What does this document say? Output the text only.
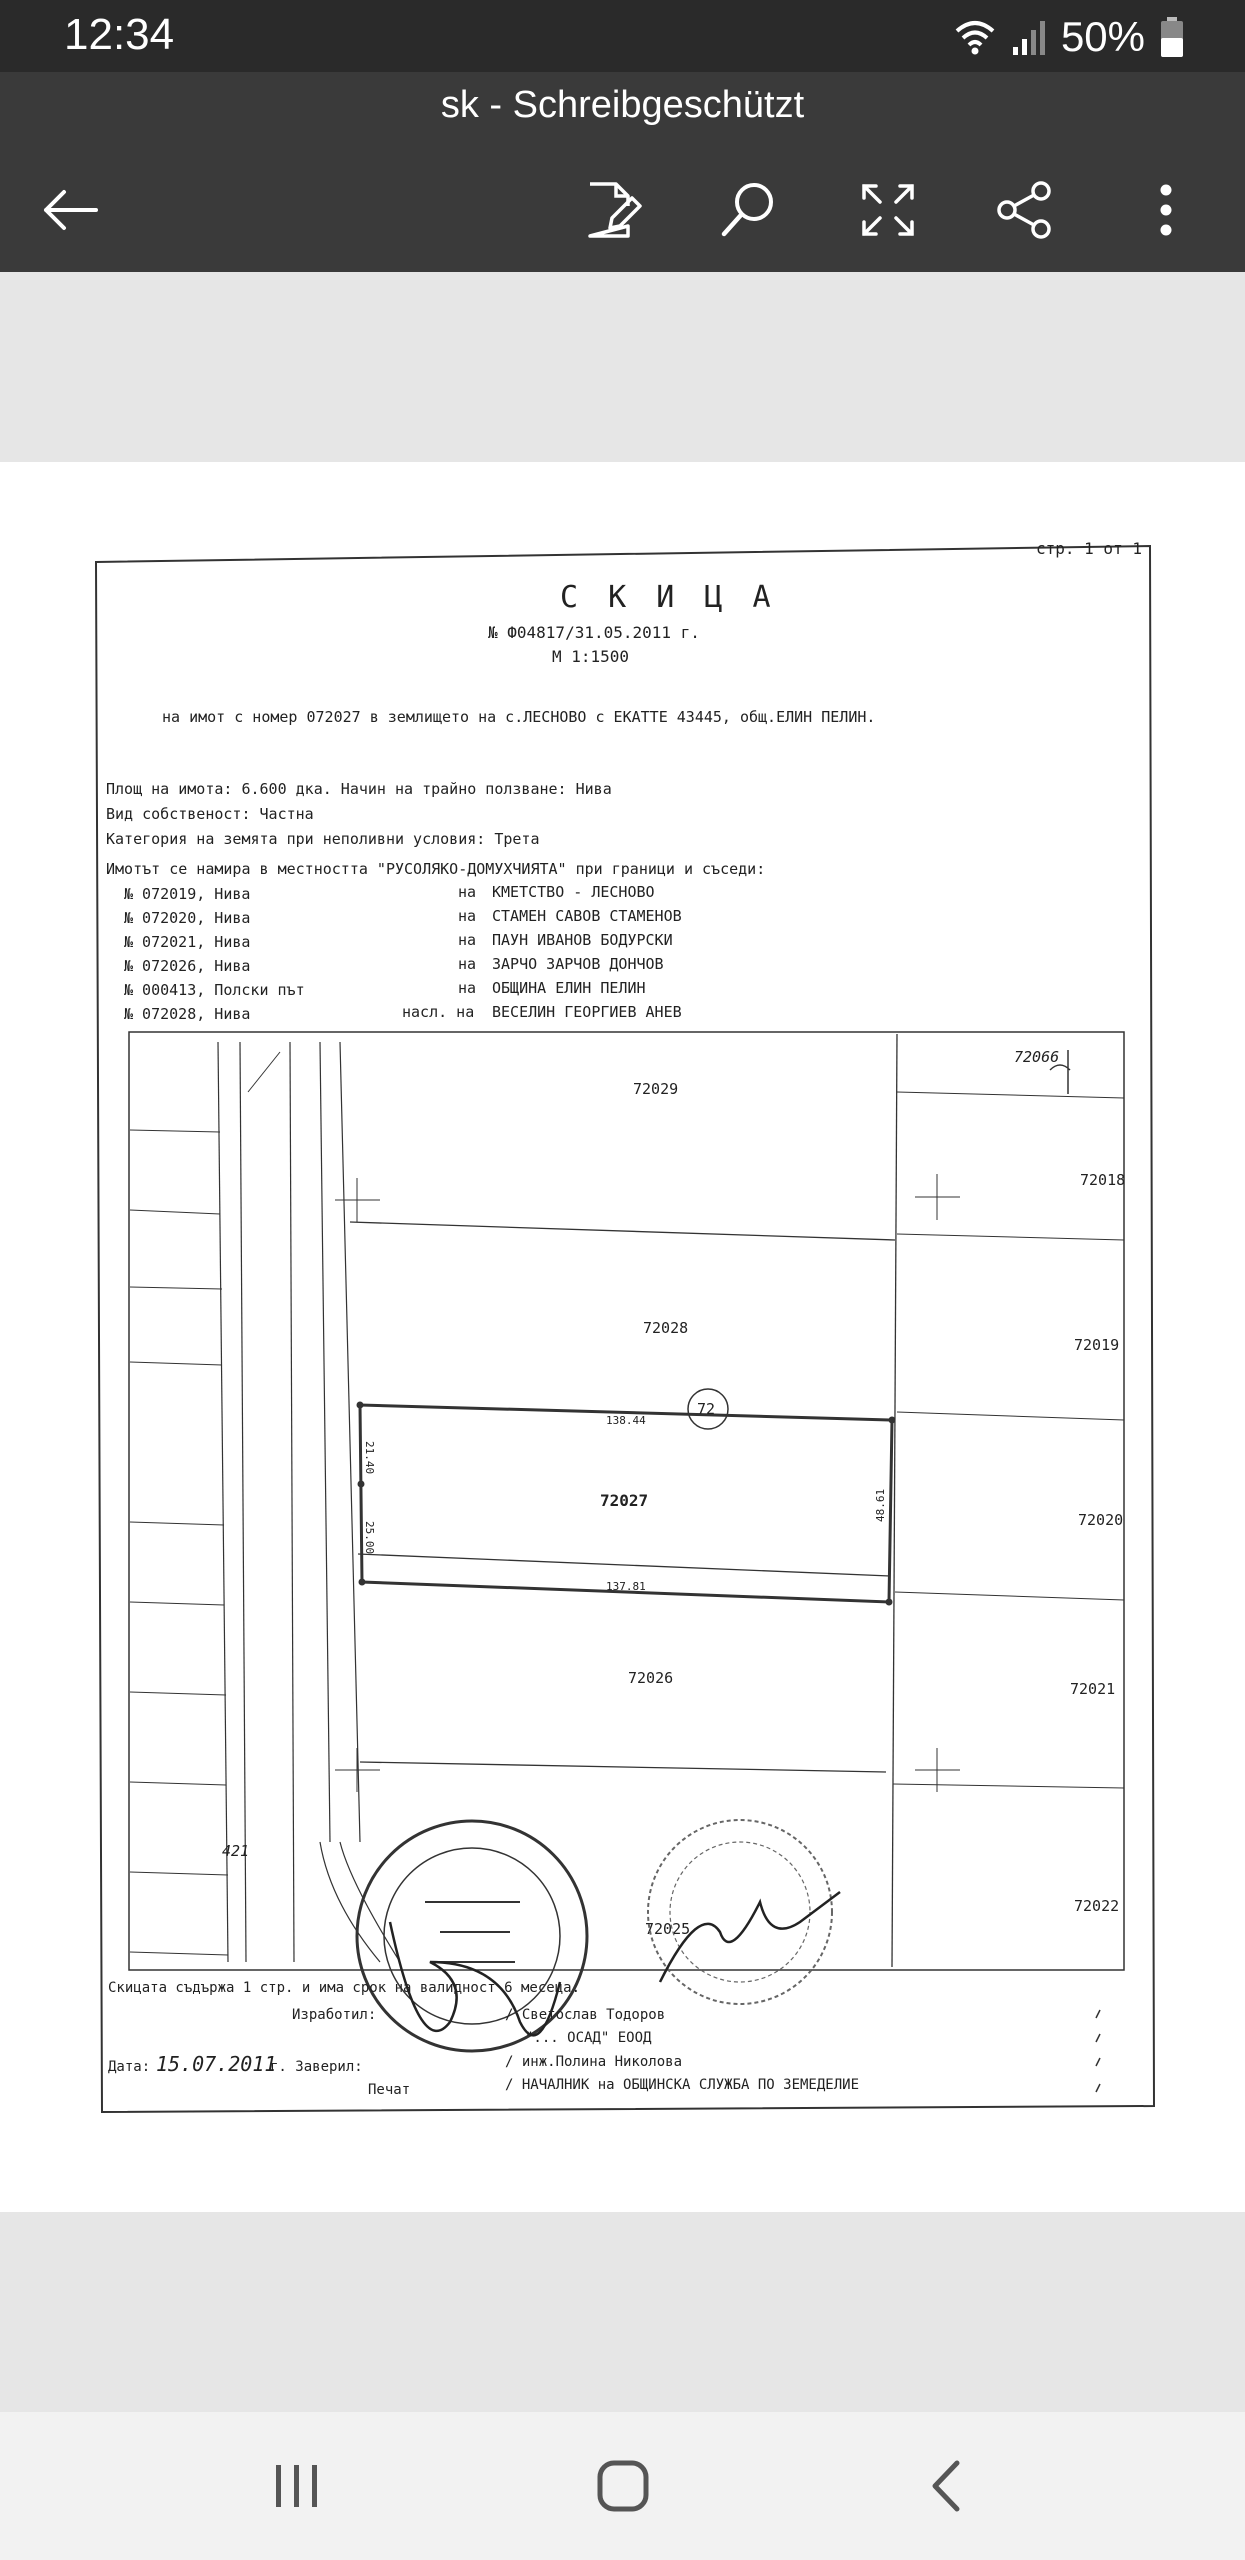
12:34	50%
sk - Schreibgeschützt
стр. 1 от 1
С К И Ц А
№ Ф04817/31.05.2011 г.
М 1:1500
на имот с номер 072027 в землището на с.ЛЕСНОВО с ЕКАТТЕ 43445, общ.ЕЛИН ПЕЛИН.
Площ на имота: 6.600 дка. Начин на трайно ползване: Нива
Вид собственост: Частна
Категория на земята при неполивни условия: Трета
Имотът се намира в местността "РУСОЛЯКО-ДОМУХЧИЯТА" при граници и съседи:
№ 072019, Нива	на КМЕТСТВО - ЛЕСНОВО
№ 072020, Нива	на СТАМЕН САВОВ СТАМЕНОВ
№ 072021, Нива	на ПАУН ИВАНОВ БОДУРСКИ
№ 072026, Нива	на ЗАРЧО ЗАРЧОВ ДОНЧОВ
№ 000413, Полски път	на ОБЩИНА ЕЛИН ПЕЛИН
№ 072028, Нива	насл. на ВЕСЕЛИН ГЕОРГИЕВ АНЕВ
72029
72028
72027
72026
72025
72066
72018
72019
72020
72021
72022
72
138.44
137.81
48.61
21.40
25.00
421
Скицата съдържа 1 стр. и има срок на валидност 6 месеца.
Изработил:	/ Светослав Тодоров
"... ОСАД" ЕООД
Дата: 15.07.2011
г. Заверил:	/ инж.Полина Николова
Печат	/ НАЧАЛНИК на ОБЩИНСКА СЛУЖБА ПО ЗЕМЕДЕЛИЕ
